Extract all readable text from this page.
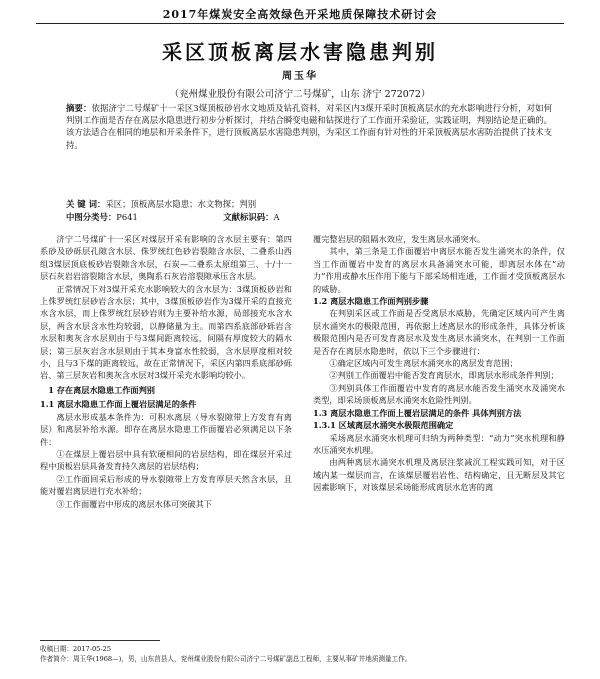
2017年煤炭安全高效绿色开采地质保障技术研讨会
采区顶板离层水害隐患判别
周玉华
（兖州煤业股份有限公司济宁二号煤矿，山东 济宁 272072）
摘要：依据济宁二号煤矿十一采区3煤顶板砂岩水文地质及钻孔资料，对采区内3煤开采时顶板离层水的充水影响进行分析，对如何判别工作面是否存在离层水隐患进行初步分析探讨，并结合瞬变电磁和钻探进行了工作面开采验证，实践证明，判别结论是正确的。该方法适合在相同的地层和开采条件下，进行顶板离层水害隐患判别，为采区工作面有针对性的开采顶板离层水害防治提供了技术支持。
关 键 词：采区；顶板离层水隐患；水文物探；判别
中图分类号：P641	文献标识码：A

济宁二号煤矿十一采区对煤层开采有影响的含水层主要有：第四系砂及砂砾层孔隙含水层、侏罗统红色砂岩裂隙含水层、二叠系山西组3煤层顶底板砂岩裂隙含水层，石炭—二叠系太原组第三、十/十一层石灰岩岩溶裂隙含水层，奥陶系石灰岩溶裂隙承压含水层。

正常情况下对3煤开采充水影响较大的含水层为：3煤顶板砂岩和上侏罗统红层砂岩含水层；其中，3煤顶板砂岩作为3煤开采的直接充水含水层，而上侏罗统红层砂岩则为主要补给水源，局部接充水含水层，两含水层含水性均较弱，以静储量为主。而第四系底部砂砾岩含水层和奥灰含水层则由于与3煤间距离较远，间隔有厚度较大的隔水层；第三层灰岩含水层则由于其本身富水性较弱，含水层厚度相对较小，且与3下煤的距离较远，故在正常情况下，采区内第四系底部砂砾岩、第三层灰岩和奥灰含水层对3煤开采充水影响均较小。

1 存在离层水隐患工作面判别

1.1 离层水隐患工作面上覆岩层满足的条件

离层水形成基本条件为：可积水离层（导水裂隙带上方发育有离层）和离层补给水源。即存在离层水隐患工作面覆岩必须满足以下条件：

①在煤层上覆岩层中具有软硬相间的岩层结构，即在煤层开采过程中顶板岩层具备发育持久离层的岩层结构；

②工作面回采后形成的导水裂隙带上方发育厚层天然含水层，且能对覆岩离层进行充水补给；

③工作面覆岩中形成的离层水体可突破其下

覆完整岩层的阻隔水效应，发生离层水涌突水。

其中，第三条是工作面覆岩中离层水能否发生涌突水的条件，仅当工作面覆岩中发育的离层水具备涌突水可能，即离层水体在“动力”作用或静水压作用下能与下部采场相连通，工作面才受顶板离层水的威胁。

1.2 离层水隐患工作面判别步骤

在判别采区或工作面是否受离层水威胁，先确定区域内可产生离层水涌突水的极限范围，再依据上述离层水的形成条件，具体分析该极限范围内是否可发育离层水及发生离层水涌突水，在判别一工作面是否存在离层水隐患时，依以下三个步骤进行：

①确定区域内可发生离层水涌突水的离层发育范围；

②判别工作面覆岩中能否发育离层水，即离层水形成条件判别；

③判别具体工作面覆岩中发育的离层水能否发生涌突水及涌突水类型，即采场顶板离层水涌突水危险性判别。

1.3 离层水隐患工作面上覆岩层满足的条件 具体判别方法

1.3.1 区域离层水涌突水极限范围确定

采场离层水涌突水机理可归纳为两种类型：“动力”突水机理和静水压涌突水机理。

由两种离层水涌突水机理及离层注浆减沉工程实践可知，对于区域内某一煤层而言，在该煤层覆岩岩性、结构确定，且无断层及其它因素影响下，对该煤层采场能形成离层水危害的离

收稿日期：2017-05-25
作者简介：周玉华(1968—)，男，山东莒县人，兖州煤业股份有限公司济宁二号煤矿副总工程师，主要从事矿井地质测量工作。
